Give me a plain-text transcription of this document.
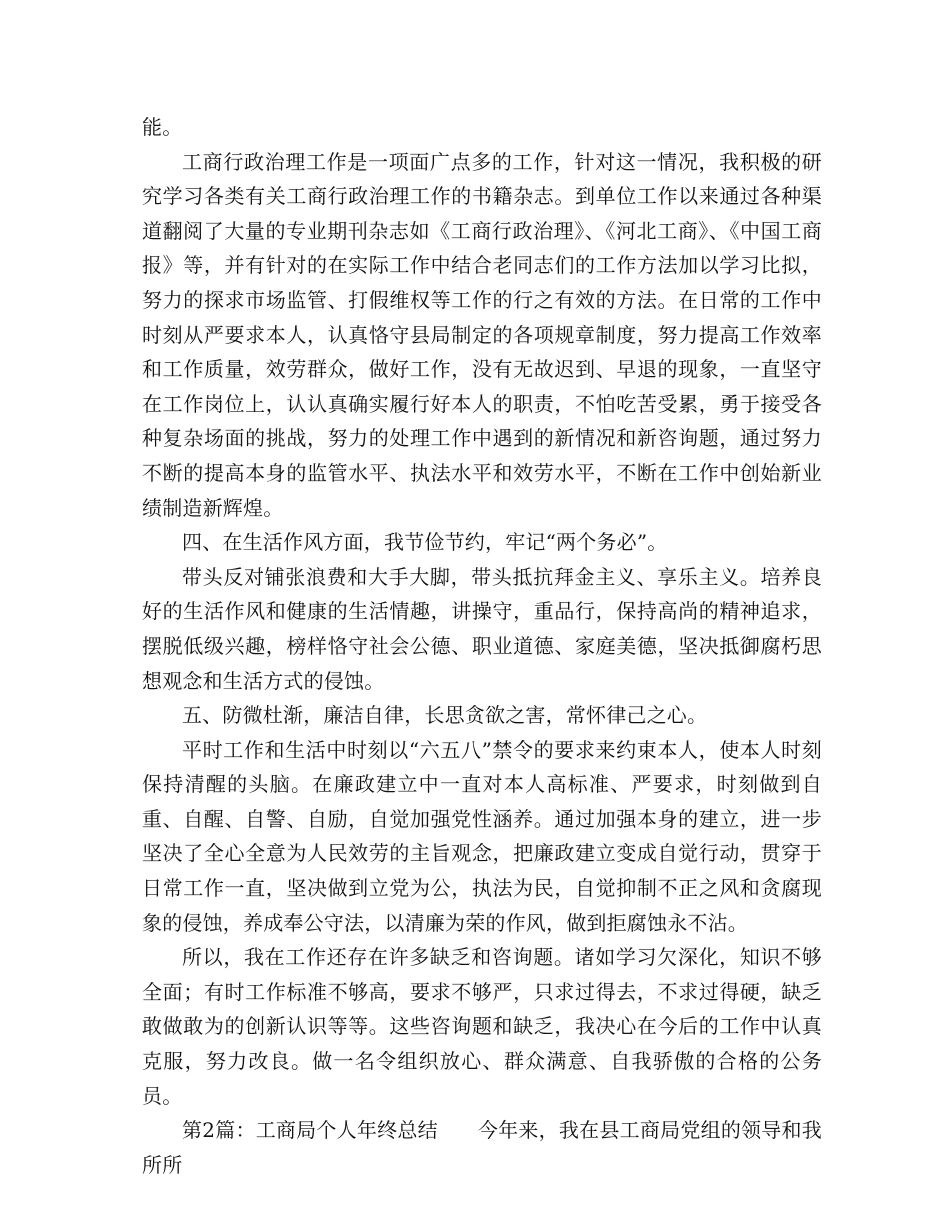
能。

工商行政治理工作是一项面广点多的工作，针对这一情况，我积极的研究学习各类有关工商行政治理工作的书籍杂志。到单位工作以来通过各种渠道翻阅了大量的专业期刊杂志如《工商行政治理》、《河北工商》、《中国工商报》等，并有针对的在实际工作中结合老同志们的工作方法加以学习比拟，努力的探求市场监管、打假维权等工作的行之有效的方法。在日常的工作中时刻从严要求本人，认真恪守县局制定的各项规章制度，努力提高工作效率和工作质量，效劳群众，做好工作，没有无故迟到、早退的现象，一直坚守在工作岗位上，认认真确实履行好本人的职责，不怕吃苦受累，勇于接受各种复杂场面的挑战，努力的处理工作中遇到的新情况和新咨询题，通过努力不断的提高本身的监管水平、执法水平和效劳水平，不断在工作中创始新业绩制造新辉煌。

四、在生活作风方面，我节俭节约，牢记“两个务必”。

带头反对铺张浪费和大手大脚，带头抵抗拜金主义、享乐主义。培养良好的生活作风和健康的生活情趣，讲操守，重品行，保持高尚的精神追求，摆脱低级兴趣，榜样恪守社会公德、职业道德、家庭美德，坚决抵御腐朽思想观念和生活方式的侵蚀。

五、防微杜渐，廉洁自律，长思贪欲之害，常怀律己之心。

平时工作和生活中时刻以“六五八”禁令的要求来约束本人，使本人时刻保持清醒的头脑。在廉政建立中一直对本人高标准、严要求，时刻做到自重、自醒、自警、自励，自觉加强党性涵养。通过加强本身的建立，进一步坚决了全心全意为人民效劳的主旨观念，把廉政建立变成自觉行动，贯穿于日常工作一直，坚决做到立党为公，执法为民，自觉抑制不正之风和贪腐现象的侵蚀，养成奉公守法，以清廉为荣的作风，做到拒腐蚀永不沾。

所以，我在工作还存在许多缺乏和咨询题。诸如学习欠深化，知识不够全面；有时工作标准不够高，要求不够严，只求过得去，不求过得硬，缺乏敢做敢为的创新认识等等。这些咨询题和缺乏，我决心在今后的工作中认真克服，努力改良。做一名令组织放心、群众满意、自我骄傲的合格的公务员。

第2篇：工商局个人年终总结 今年来，我在县工商局党组的领导和我所所
